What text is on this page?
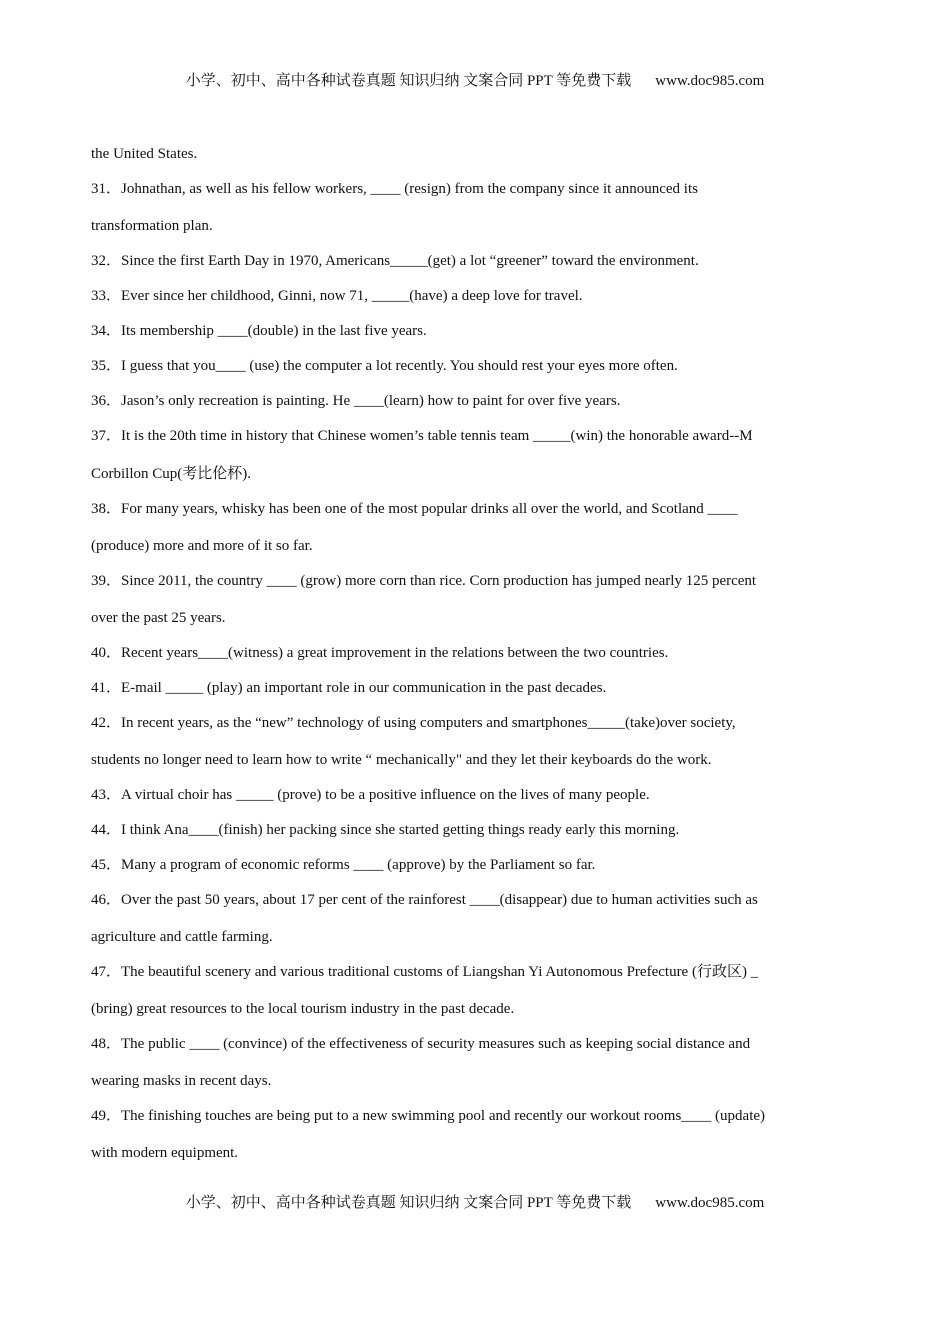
小学、初中、高中各种试卷真题 知识归纳 文案合同 PPT 等免费下载 www.doc985.com
the United States.
31．Johnathan, as well as his fellow workers, ____ (resign) from the company since it announced its
transformation plan.
32．Since the first Earth Day in 1970, Americans_____(get) a lot “greener” toward the environment.
33．Ever since her childhood, Ginni, now 71, _____(have) a deep love for travel.
34．Its membership ____(double) in the last five years.
35．I guess that you____ (use) the computer a lot recently. You should rest your eyes more often.
36．Jason’s only recreation is painting. He ____(learn) how to paint for over five years.
37．It is the 20th time in history that Chinese women’s table tennis team _____(win) the honorable award--M
Corbillon Cup(考比伦杯).
38．For many years, whisky has been one of the most popular drinks all over the world, and Scotland ____
(produce) more and more of it so far.
39．Since 2011, the country ____ (grow) more corn than rice. Corn production has jumped nearly 125 percent
over the past 25 years.
40．Recent years____(witness) a great improvement in the relations between the two countries.
41．E-mail _____ (play) an important role in our communication in the past decades.
42．In recent years, as the “new” technology of using computers and smartphones_____(take)over society,
students no longer need to learn how to write “ mechanically" and they let their keyboards do the work.
43．A virtual choir has _____ (prove) to be a positive influence on the lives of many people.
44．I think Ana____(finish) her packing since she started getting things ready early this morning.
45．Many a program of economic reforms ____ (approve) by the Parliament so far.
46．Over the past 50 years, about 17 per cent of the rainforest ____(disappear) due to human activities such as
agriculture and cattle farming.
47．The beautiful scenery and various traditional customs of Liangshan Yi Autonomous Prefecture (行政区) _
(bring) great resources to the local tourism industry in the past decade.
48．The public ____ (convince) of the effectiveness of security measures such as keeping social distance and
wearing masks in recent days.
49．The finishing touches are being put to a new swimming pool and recently our workout rooms____ (update)
with modern equipment.
小学、初中、高中各种试卷真题 知识归纳 文案合同 PPT 等免费下载 www.doc985.com
